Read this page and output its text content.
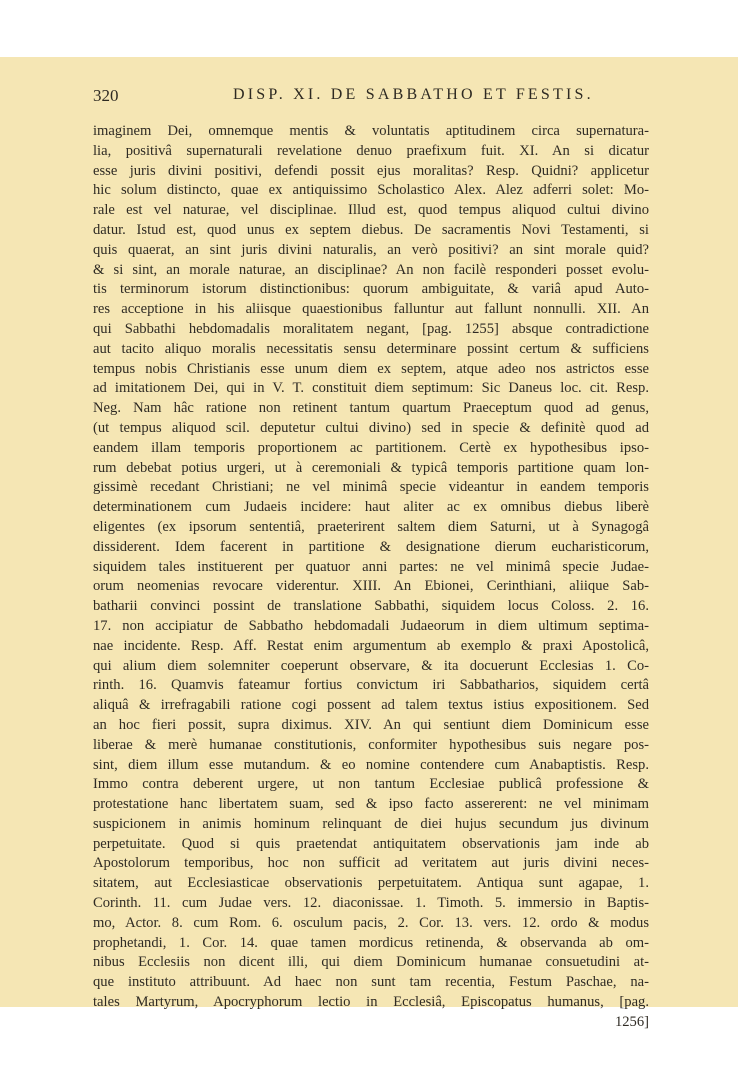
320	DISP. XI. DE SABBATHO ET FESTIS.
imaginem Dei, omnemque mentis & voluntatis aptitudinem circa supernatura-
lia, positivâ supernaturali revelatione denuo praefixum fuit. XI. An si dicatur
esse juris divini positivi, defendi possit ejus moralitas? Resp. Quidni? applicetur
hic solum distincto, quae ex antiquissimo Scholastico Alex. Alez adferri solet: Mo-
rale est vel naturae, vel disciplinae. Illud est, quod tempus aliquod cultui divino
datur. Istud est, quod unus ex septem diebus. De sacramentis Novi Testamenti, si
quis quaerat, an sint juris divini naturalis, an verò positivi? an sint morale quid?
& si sint, an morale naturae, an disciplinae? An non facilè responderi posset evolu-
tis terminorum istorum distinctionibus: quorum ambiguitate, & variâ apud Auto-
res acceptione in his aliisque quaestionibus falluntur aut fallunt nonnulli. XII. An
qui Sabbathi hebdomadalis moralitatem negant, [pag. 1255] absque contradictione
aut tacito aliquo moralis necessitatis sensu determinare possint certum & sufficiens
tempus nobis Christianis esse unum diem ex septem, atque adeo nos astrictos esse
ad imitationem Dei, qui in V. T. constituit diem septimum: Sic Daneus loc. cit. Resp.
Neg. Nam hâc ratione non retinent tantum quartum Praeceptum quod ad genus,
(ut tempus aliquod scil. deputetur cultui divino) sed in specie & definitè quod ad
eandem illam temporis proportionem ac partitionem. Certè ex hypothesibus ipso-
rum debebat potius urgeri, ut à ceremoniali & typicâ temporis partitione quam lon-
gissimè recedant Christiani; ne vel minimâ specie videantur in eandem temporis
determinationem cum Judaeis incidere: haut aliter ac ex omnibus diebus liberè
eligentes (ex ipsorum sententiâ, praeterirent saltem diem Saturni, ut à Synagogâ
dissiderent. Idem facerent in partitione & designatione dierum eucharisticorum,
siquidem tales instituerent per quatuor anni partes: ne vel minimâ specie Judae-
orum neomenias revocare viderentur. XIII. An Ebionei, Cerinthiani, aliique Sab-
batharii convinci possint de translatione Sabbathi, siquidem locus Coloss. 2. 16.
17. non accipiatur de Sabbatho hebdomadali Judaeorum in diem ultimum septima-
nae incidente. Resp. Aff. Restat enim argumentum ab exemplo & praxi Apostolicâ,
qui alium diem solemniter coeperunt observare, & ita docuerunt Ecclesias 1. Co-
rinth. 16. Quamvis fateamur fortius convictum iri Sabbatharios, siquidem certâ
aliquâ & irrefragabili ratione cogi possent ad talem textus istius expositionem. Sed
an hoc fieri possit, supra diximus. XIV. An qui sentiunt diem Dominicum esse
liberae & merè humanae constitutionis, conformiter hypothesibus suis negare pos-
sint, diem illum esse mutandum. & eo nomine contendere cum Anabaptistis. Resp.
Immo contra deberent urgere, ut non tantum Ecclesiae publicâ professione &
protestatione hanc libertatem suam, sed & ipso facto assererent: ne vel minimam
suspicionem in animis hominum relinquant de diei hujus secundum jus divinum
perpetuitate. Quod si quis praetendat antiquitatem observationis jam inde ab
Apostolorum temporibus, hoc non sufficit ad veritatem aut juris divini neces-
sitatem, aut Ecclesiasticae observationis perpetuitatem. Antiqua sunt agapae, 1.
Corinth. 11. cum Judae vers. 12. diaconissae. 1. Timoth. 5. immersio in Baptis-
mo, Actor. 8. cum Rom. 6. osculum pacis, 2. Cor. 13. vers. 12. ordo & modus
prophetandi, 1. Cor. 14. quae tamen mordicus retinenda, & observanda ab om-
nibus Ecclesiis non dicent illi, qui diem Dominicum humanae consuetudini at-
que instituto attribuunt. Ad haec non sunt tam recentia, Festum Paschae, na-
tales Martyrum, Apocryphorum lectio in Ecclesiâ, Episcopatus humanus, [pag.
1256]
